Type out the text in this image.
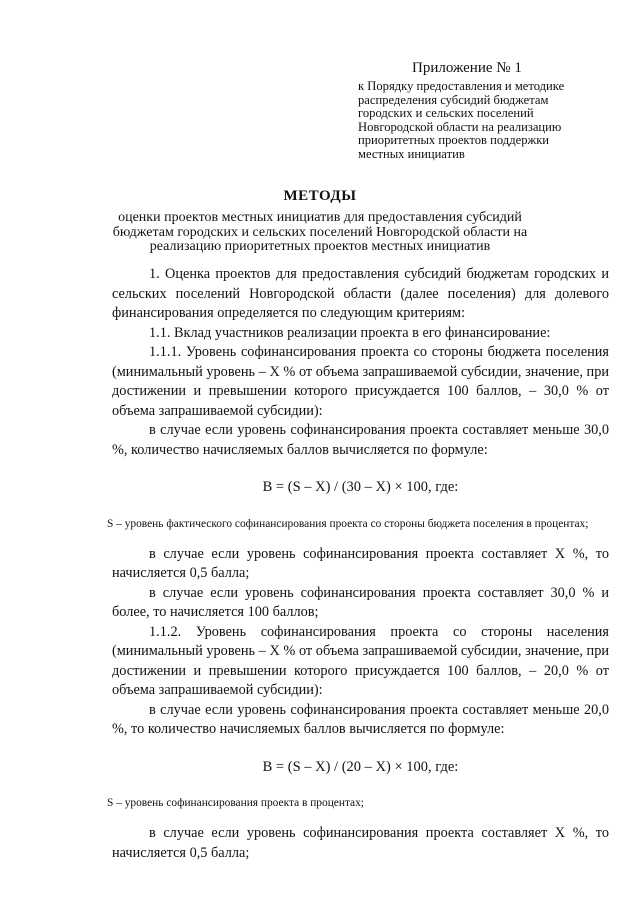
Приложение № 1
к Порядку предоставления и методике
распределения субсидий бюджетам
городских и сельских поселений
Новгородской области на реализацию
приоритетных проектов поддержки
местных инициатив
МЕТОДЫ
оценки проектов местных инициатив для предоставления субсидий
бюджетам городских и сельских поселений Новгородской области на
реализацию приоритетных проектов местных инициатив

1. Оценка проектов для предоставления субсидий бюджетам городских и сельских поселений Новгородской области (далее поселения) для долевого финансирования определяется по следующим критериям:

1.1. Вклад участников реализации проекта в его финансирование:

1.1.1. Уровень софинансирования проекта со стороны бюджета поселения (минимальный уровень – Х % от объема запрашиваемой субсидии, значение, при достижении и превышении которого присуждается 100 баллов, – 30,0 % от объема запрашиваемой субсидии):

в случае если уровень софинансирования проекта составляет меньше 30,0 %, количество начисляемых баллов вычисляется по формуле:

B = (S – X) / (30 – X) × 100, где:

S – уровень фактического софинансирования проекта со стороны бюджета поселения в процентах;

в случае если уровень софинансирования проекта составляет Х %, то начисляется 0,5 балла;

в случае если уровень софинансирования проекта составляет 30,0 % и более, то начисляется 100 баллов;

1.1.2. Уровень софинансирования проекта со стороны населения (минимальный уровень – Х % от объема запрашиваемой субсидии, значение, при достижении и превышении которого присуждается 100 баллов, – 20,0 % от объема запрашиваемой субсидии):

в случае если уровень софинансирования проекта составляет меньше 20,0 %, то количество начисляемых баллов вычисляется по формуле:

B = (S – X) / (20 – X) × 100, где:

S – уровень софинансирования проекта в процентах;

в случае если уровень софинансирования проекта составляет Х %, то начисляется 0,5 балла;
